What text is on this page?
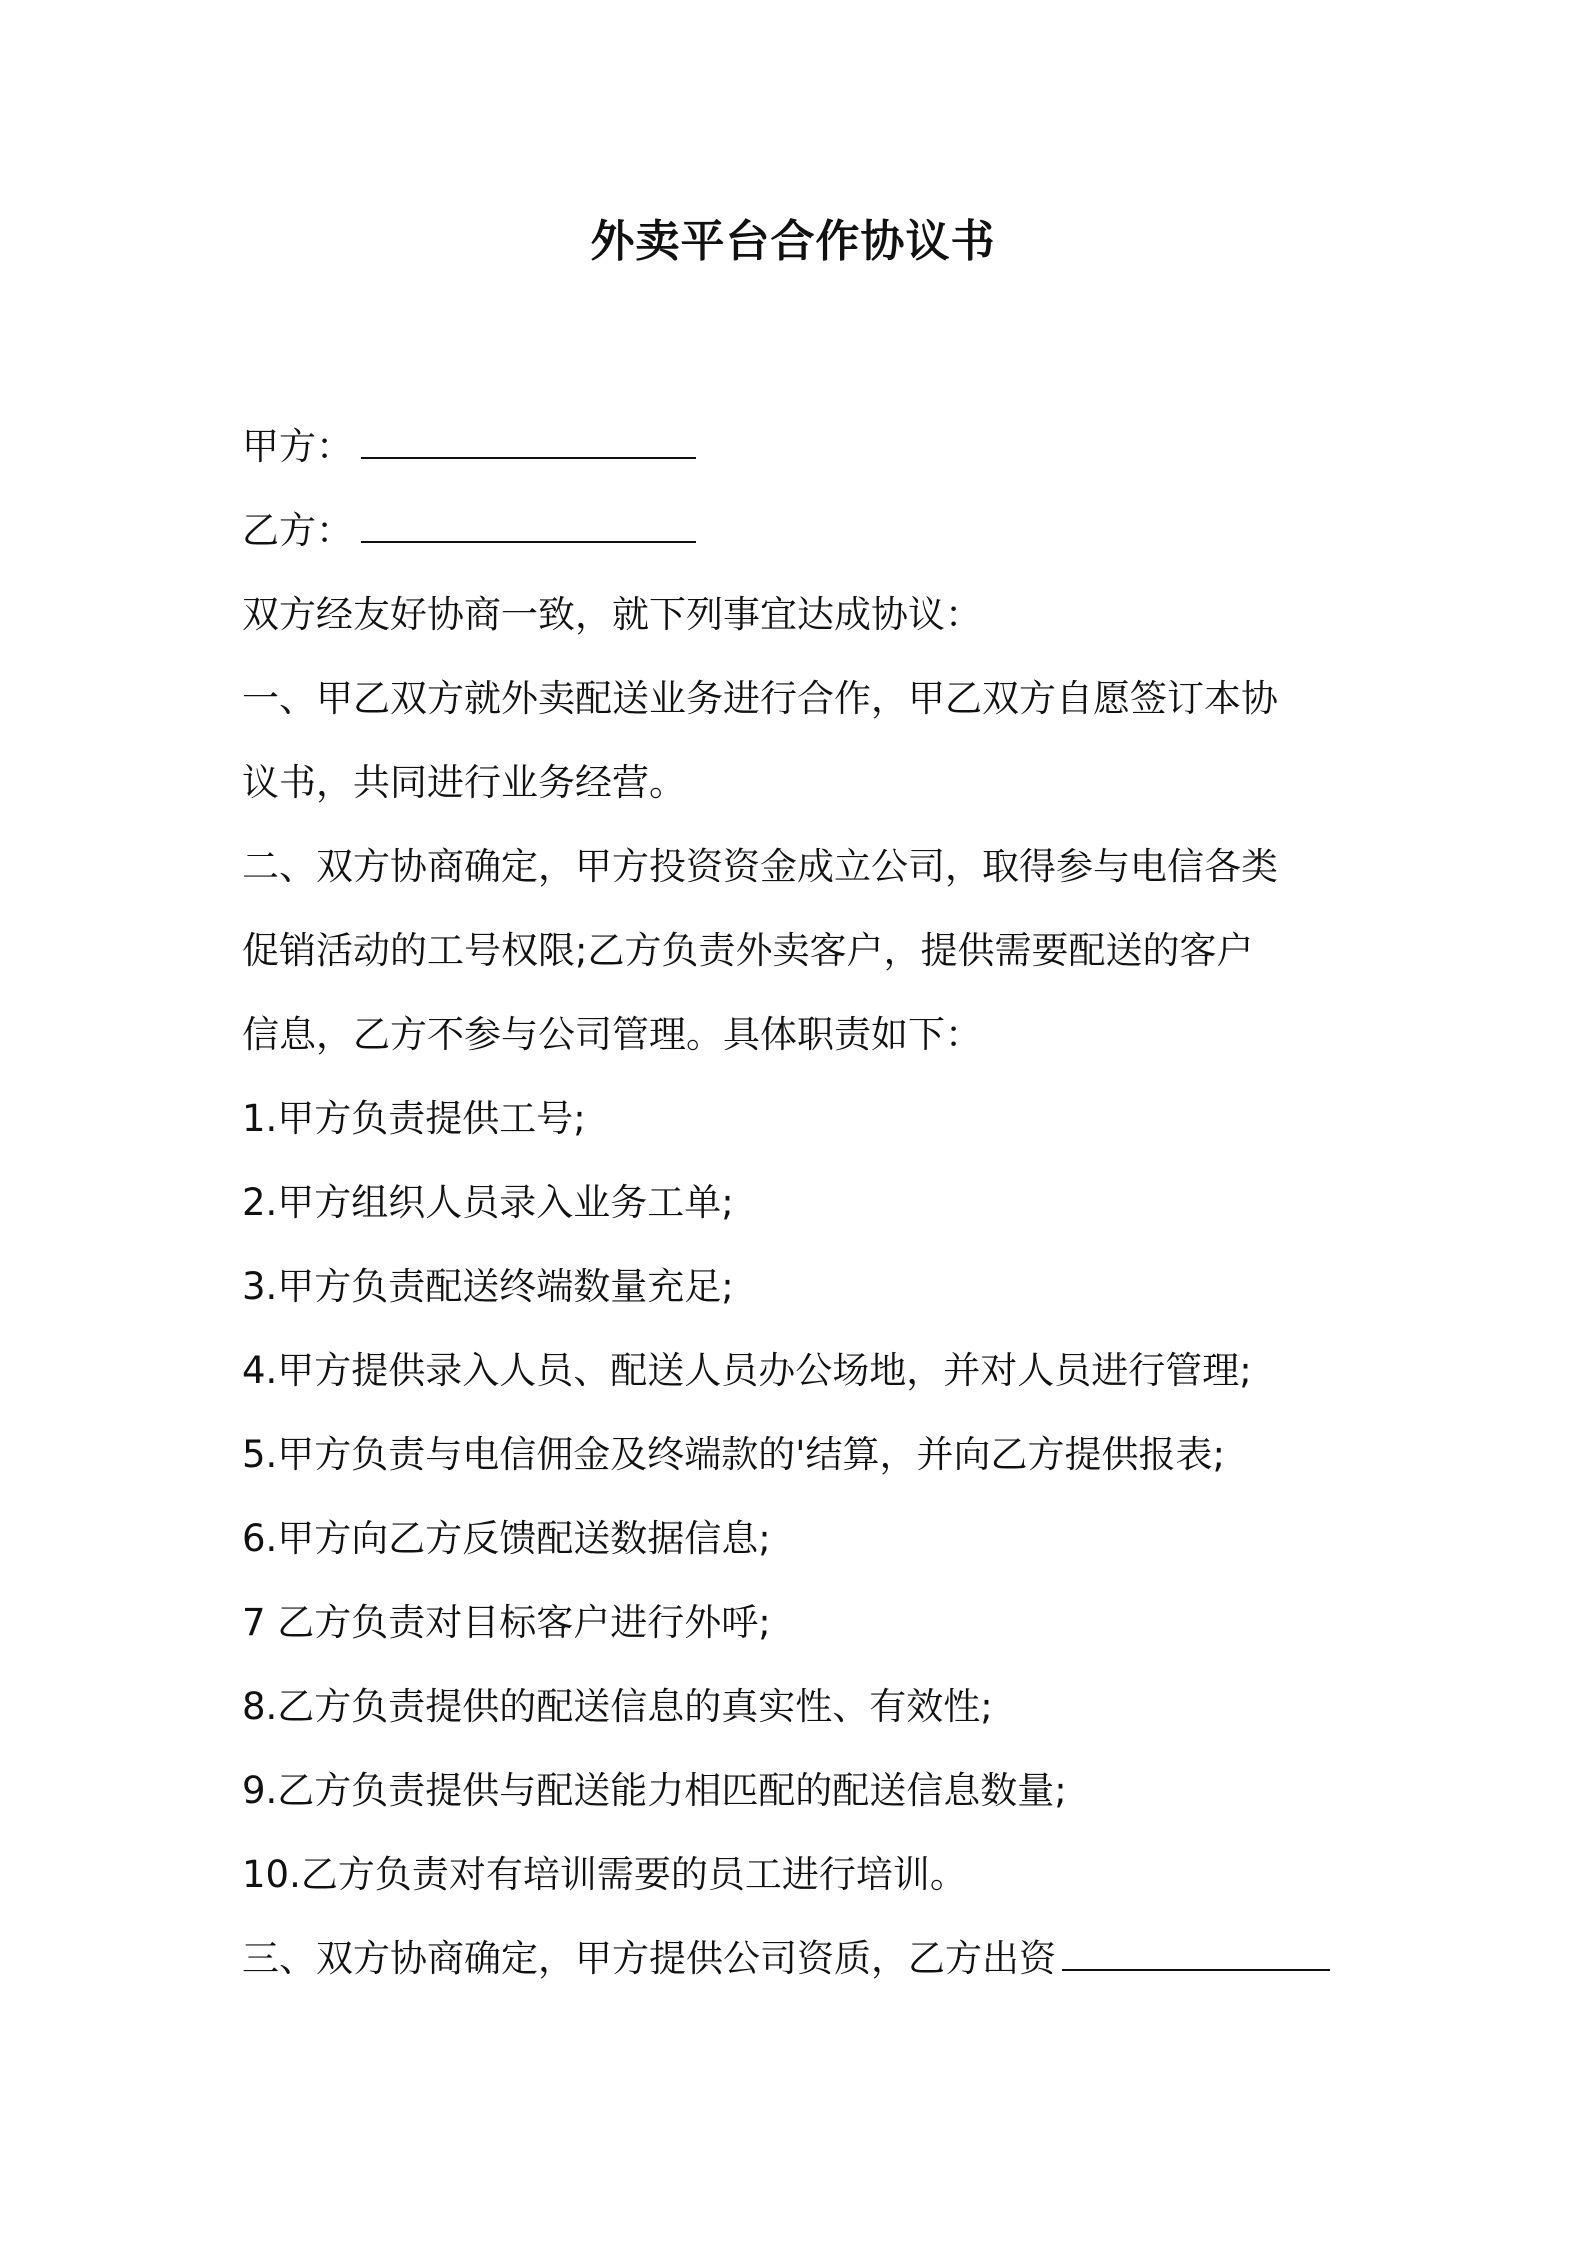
外卖平台合作协议书
甲方：
乙方：
双方经友好协商一致，就下列事宜达成协议：
一、甲乙双方就外卖配送业务进行合作，甲乙双方自愿签订本协
议书，共同进行业务经营。
二、双方协商确定，甲方投资资金成立公司，取得参与电信各类
促销活动的工号权限;乙方负责外卖客户，提供需要配送的客户
信息，乙方不参与公司管理。具体职责如下：
1.甲方负责提供工号;
2.甲方组织人员录入业务工单;
3.甲方负责配送终端数量充足;
4.甲方提供录入人员、配送人员办公场地，并对人员进行管理;
5.甲方负责与电信佣金及终端款的'结算，并向乙方提供报表;
6.甲方向乙方反馈配送数据信息;
7 乙方负责对目标客户进行外呼;
8.乙方负责提供的配送信息的真实性、有效性;
9.乙方负责提供与配送能力相匹配的配送信息数量;
10.乙方负责对有培训需要的员工进行培训。
三、双方协商确定，甲方提供公司资质，乙方出资
